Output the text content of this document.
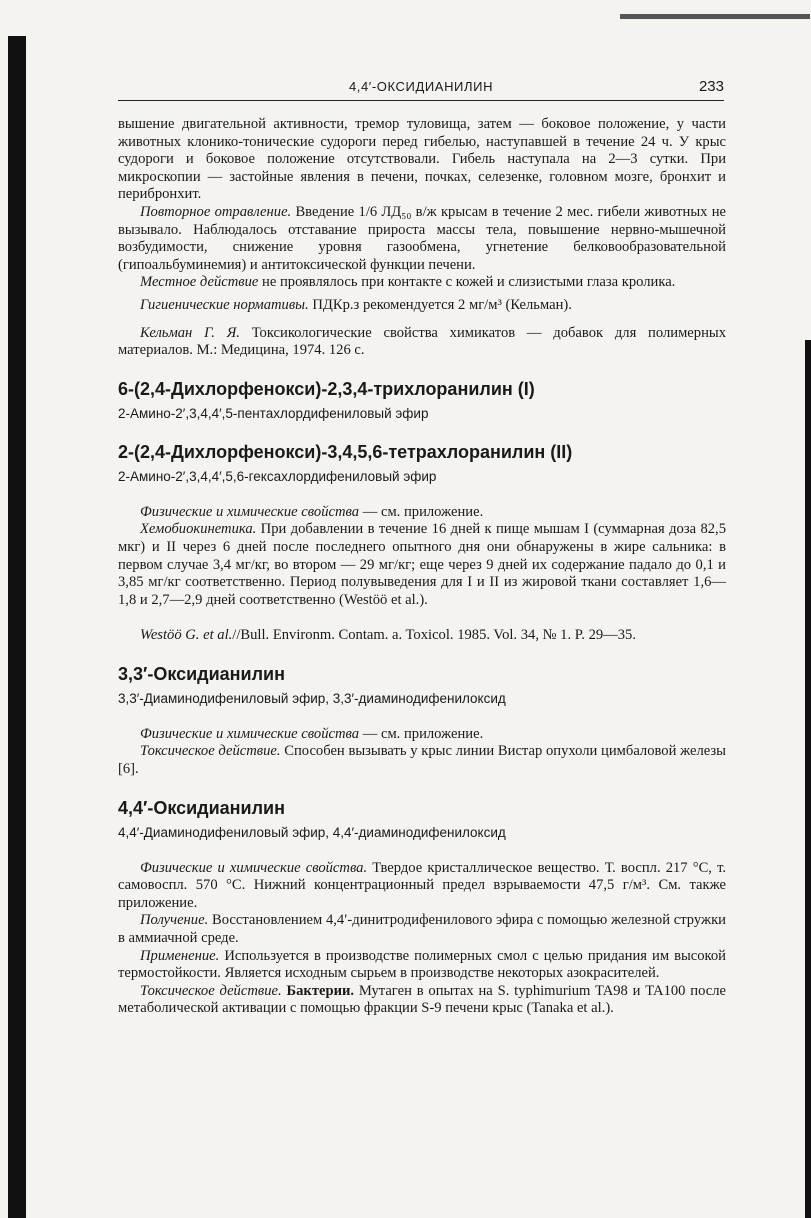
4,4′-ОКСИДИАНИЛИН	233

вышение двигательной активности, тремор туловища, затем — боковое положение, у части животных клонико-тонические судороги перед гибелью, наступавшей в течение 24 ч. У крыс судороги и боковое положение отсутствовали. Гибель наступала на 2—3 сутки. При микроскопии — застойные явления в печени, почках, селезенке, головном мозге, бронхит и перибронхит.

Повторное отравление. Введение 1/6 ЛД₅₀ в/ж крысам в течение 2 мес. гибели животных не вызывало. Наблюдалось отставание прироста массы тела, повышение нервно-мышечной возбудимости, снижение уровня газообмена, угнетение белковообразовательной (гипоальбуминемия) и антитоксической функции печени.

Местное действие не проявлялось при контакте с кожей и слизистыми глаза кролика.

Гигиенические нормативы. ПДКр.з рекомендуется 2 мг/м³ (Кельман).

Кельман Г. Я. Токсикологические свойства химикатов — добавок для полимерных материалов. М.: Медицина, 1974. 126 с.

6-(2,4-Дихлорфенокси)-2,3,4-трихлоранилин (I)

2-Амино-2′,3,4,4′,5-пентахлордифениловый эфир

2-(2,4-Дихлорфенокси)-3,4,5,6-тетрахлоранилин (II)

2-Амино-2′,3,4,4′,5,6-гексахлордифениловый эфир

Физические и химические свойства — см. приложение.

Хемобиокинетика. При добавлении в течение 16 дней к пище мышам I (суммарная доза 82,5 мкг) и II через 6 дней после последнего опытного дня они обнаружены в жире сальника: в первом случае 3,4 мг/кг, во втором — 29 мг/кг; еще через 9 дней их содержание падало до 0,1 и 3,85 мг/кг соответственно. Период полувыведения для I и II из жировой ткани составляет 1,6—1,8 и 2,7—2,9 дней соответственно (Westöö et al.).

Westöö G. et al.//Bull. Environm. Contam. a. Toxicol. 1985. Vol. 34, № 1. P. 29—35.

3,3′-Оксидианилин

3,3′-Диаминодифениловый эфир, 3,3′-диаминодифенилоксид

Физические и химические свойства — см. приложение.

Токсическое действие. Способен вызывать у крыс линии Вистар опухоли цимбаловой железы [6].

4,4′-Оксидианилин

4,4′-Диаминодифениловый эфир, 4,4′-диаминодифенилоксид

Физические и химические свойства. Твердое кристаллическое вещество. Т. воспл. 217 °С, т. самовоспл. 570 °С. Нижний концентрационный предел взрываемости 47,5 г/м³. См. также приложение.

Получение. Восстановлением 4,4′-динитродифенилового эфира с помощью железной стружки в аммиачной среде.

Применение. Используется в производстве полимерных смол с целью придания им высокой термостойкости. Является исходным сырьем в производстве некоторых азокрасителей.

Токсическое действие. Бактерии. Мутаген в опытах на S. typhimurium TA98 и TA100 после метаболической активации с помощью фракции S-9 печени крыс (Tanaka et al.).
